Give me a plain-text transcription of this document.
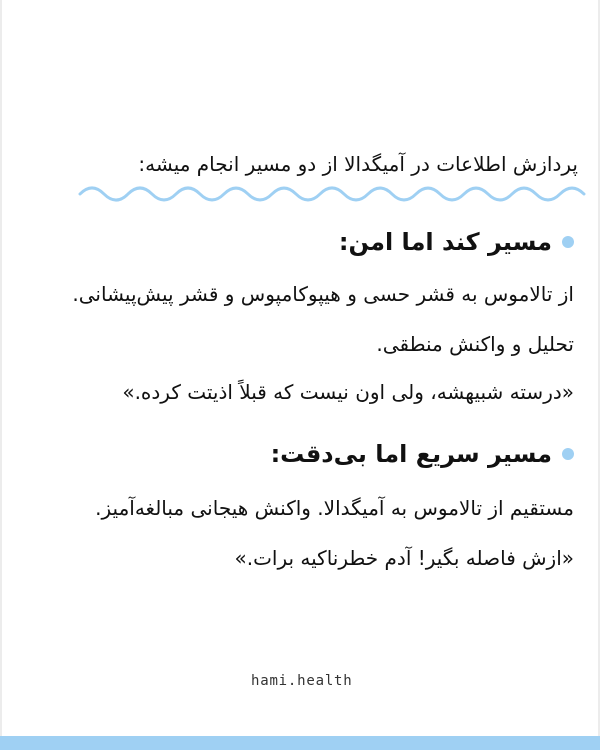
پردازش اطلاعات در آمیگدالا از دو مسیر انجام میشه:
مسیر کند اما امن:
از تالاموس به قشر حسی و هیپوکامپوس و قشر پیش‌پیشانی.
تحلیل و واکنش منطقی.
«درسته شبیهشه، ولی اون نیست که قبلاً اذیتت کرده.»
مسیر سریع اما بی‌دقت:
مستقیم از تالاموس به آمیگدالا. واکنش هیجانی مبالغه‌آمیز.
«ازش فاصله بگیر! آدم خطرناکیه برات.»
hami.health
